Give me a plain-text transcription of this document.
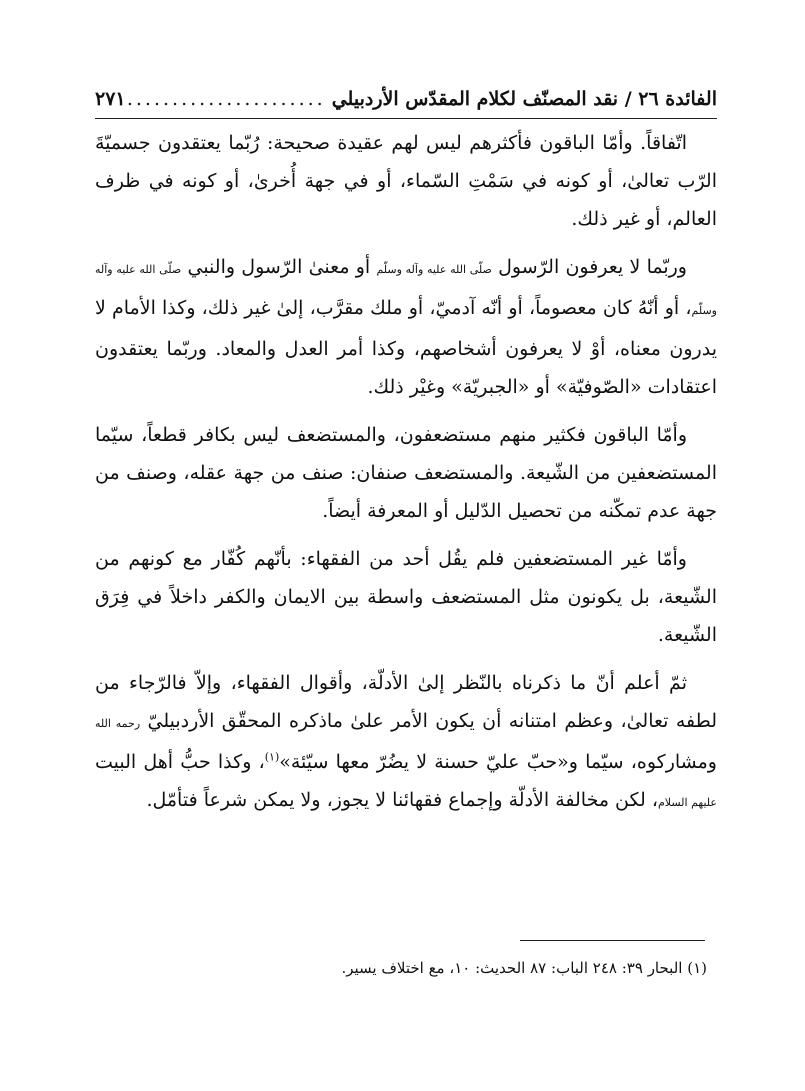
الفائدة ٢٦ / نقد المصنّف لكلام المقدّس الأردبيلي
......................
٢٧١

اتّفاقاً. وأمّا الباقون فأكثرهم ليس لهم عقيدة صحيحة: رُبّما يعتقدون جسميّةَ الرّب تعالىٰ، أو كونه في سَمْتِ السّماء، أو في جهة أُخرىٰ، أو كونه في ظرف العالم، أو غير ذلك.

وربّما لا يعرفون الرّسول صلّى الله عليه وآله وسلّم أو معنىٰ الرّسول والنبي صلّى الله عليه وآله وسلّم، أو أنّهُ كان معصوماً، أو أنّه آدميّ، أو ملك مقرَّب، إلىٰ غير ذلك، وكذا الأمام لا يدرون معناه، أوْ لا يعرفون أشخاصهم، وكذا أمر العدل والمعاد. وربّما يعتقدون اعتقادات «الصّوفيّة» أو «الجبريّة» وغيْر ذلك.

وأمّا الباقون فكثير منهم مستضعفون، والمستضعف ليس بكافر قطعاً، سيّما المستضعفين من الشّيعة. والمستضعف صنفان: صنف من جهة عقله، وصنف من جهة عدم تمكّنه من تحصيل الدّليل أو المعرفة أيضاً.

وأمّا غير المستضعفين فلم يقُل أحد من الفقهاء: بأنّهم كُفّار مع كونهم من الشّيعة، بل يكونون مثل المستضعف واسطة بين الايمان والكفر داخلاً في فِرَق الشّيعة.

ثمّ أعلم أنّ ما ذكرناه بالنّظر إلىٰ الأدلّة، وأقوال الفقهاء، وإلاّ فالرّجاء من لطفه تعالىٰ، وعظم امتنانه أن يكون الأمر علىٰ ماذكره المحقّق الأردبيليّ رحمه الله ومشاركوه، سيّما و«حبّ عليّ حسنة لا يضُرّ معها سيّئة»$^{(١)}$، وكذا حبُّ أهل البيت عليهم السلام، لكن مخالفة الأدلّة وإجماع فقهائنا لا يجوز، ولا يمكن شرعاً فتأمّل.

(١) البحار ٣٩: ٢٤٨ الباب: ٨٧ الحديث: ١٠، مع اختلاف يسير.
